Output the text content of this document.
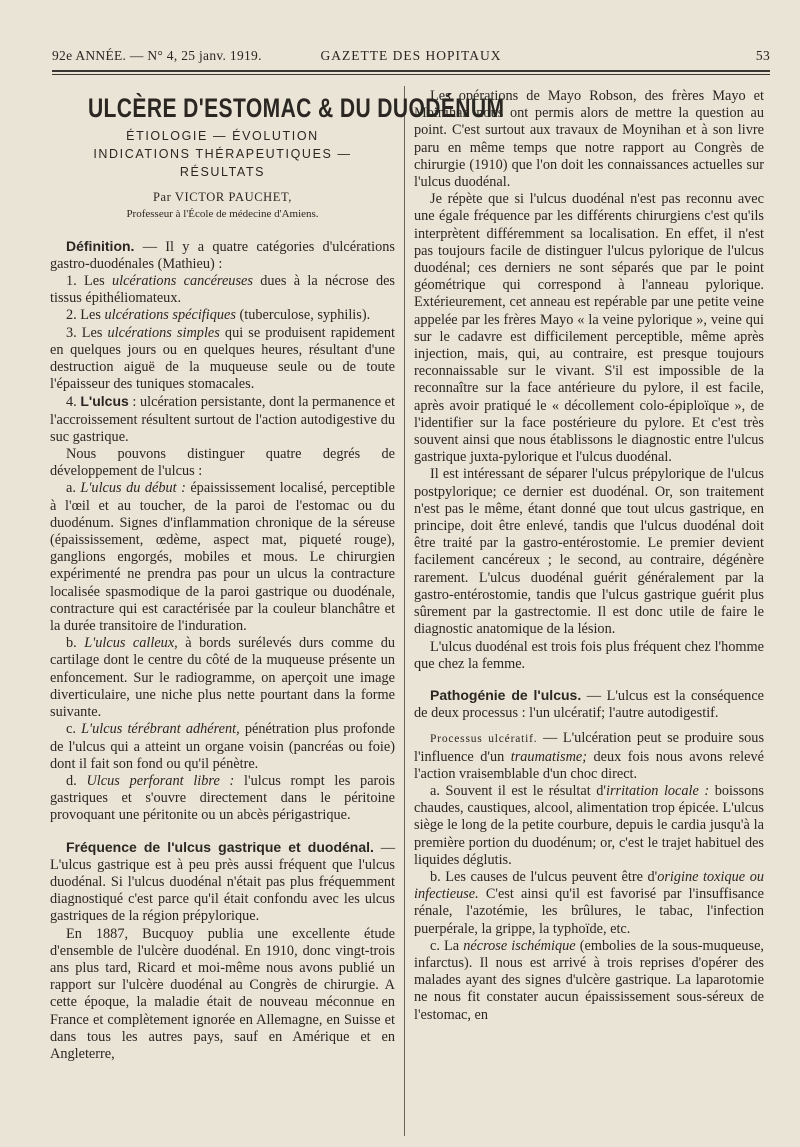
92e ANNÉE. — N° 4, 25 janv. 1919.	GAZETTE DES HOPITAUX	53
ULCÈRE D'ESTOMAC & DU DUODÉNUM
ÉTIOLOGIE — ÉVOLUTION
INDICATIONS THÉRAPEUTIQUES — RÉSULTATS
Par VICTOR PAUCHET,
Professeur à l'École de médecine d'Amiens.

Définition. — Il y a quatre catégories d'ulcérations gastro-duodénales (Mathieu) :

1. Les ulcérations cancéreuses dues à la nécrose des tissus épithéliomateux.

2. Les ulcérations spécifiques (tuberculose, syphilis).

3. Les ulcérations simples qui se produisent rapidement en quelques jours ou en quelques heures, résultant d'une destruction aiguë de la muqueuse seule ou de toute l'épaisseur des tuniques stomacales.

4. L'ulcus : ulcération persistante, dont la permanence et l'accroissement résultent surtout de l'action autodigestive du suc gastrique.

Nous pouvons distinguer quatre degrés de développement de l'ulcus :

a. L'ulcus du début : épaississement localisé, perceptible à l'œil et au toucher, de la paroi de l'estomac ou du duodénum. Signes d'inflammation chronique de la séreuse (épaississement, œdème, aspect mat, piqueté rouge), ganglions engorgés, mobiles et mous. Le chirurgien expérimenté ne prendra pas pour un ulcus la contracture localisée spasmodique de la paroi gastrique ou duodénale, contracture qui est caractérisée par la couleur blanchâtre et la durée transitoire de l'induration.

b. L'ulcus calleux, à bords surélevés durs comme du cartilage dont le centre du côté de la muqueuse présente un enfoncement. Sur le radiogramme, on aperçoit une image diverticulaire, une niche plus nette pourtant dans la forme suivante.

c. L'ulcus térébrant adhérent, pénétration plus profonde de l'ulcus qui a atteint un organe voisin (pancréas ou foie) dont il fait son fond ou qu'il pénètre.

d. Ulcus perforant libre : l'ulcus rompt les parois gastriques et s'ouvre directement dans le péritoine provoquant une péritonite ou un abcès périgastrique.

Fréquence de l'ulcus gastrique et duodénal. — L'ulcus gastrique est à peu près aussi fréquent que l'ulcus duodénal. Si l'ulcus duodénal n'était pas plus fréquemment diagnostiqué c'est parce qu'il était confondu avec les ulcus gastriques de la région prépylorique.

En 1887, Bucquoy publia une excellente étude d'ensemble de l'ulcère duodénal. En 1910, donc vingt-trois ans plus tard, Ricard et moi-même nous avons publié un rapport sur l'ulcère duodénal au Congrès de chirurgie. A cette époque, la maladie était de nouveau méconnue en France et complètement ignorée en Allemagne, en Suisse et dans tous les autres pays, sauf en Amérique et en Angleterre,

Les opérations de Mayo Robson, des frères Mayo et Moinihan nous ont permis alors de mettre la question au point. C'est surtout aux travaux de Moynihan et à son livre paru en même temps que notre rapport au Congrès de chirurgie (1910) que l'on doit les connaissances actuelles sur l'ulcus duodénal.

Je répète que si l'ulcus duodénal n'est pas reconnu avec une égale fréquence par les différents chirurgiens c'est qu'ils interprètent différemment sa localisation. En effet, il n'est pas toujours facile de distinguer l'ulcus pylorique de l'ulcus duodénal; ces derniers ne sont séparés que par le point géométrique qui correspond à l'anneau pylorique. Extérieurement, cet anneau est repérable par une petite veine appelée par les frères Mayo « la veine pylorique », veine qui sur le cadavre est difficilement perceptible, même après injection, mais, qui, au contraire, est presque toujours reconnaissable sur le vivant. S'il est impossible de la reconnaître sur la face antérieure du pylore, il est facile, après avoir pratiqué le « décollement colo-épiploïque », de l'identifier sur la face postérieure du pylore. Et c'est très souvent ainsi que nous établissons le diagnostic entre l'ulcus gastrique juxta-pylorique et l'ulcus duodénal.

Il est intéressant de séparer l'ulcus prépylorique de l'ulcus postpylorique; ce dernier est duodénal. Or, son traitement n'est pas le même, étant donné que tout ulcus gastrique, en principe, doit être enlevé, tandis que l'ulcus duodénal doit être traité par la gastro-entérostomie. Le premier devient facilement cancéreux ; le second, au contraire, dégénère rarement. L'ulcus duodénal guérit généralement par la gastro-entérostomie, tandis que l'ulcus gastrique guérit plus sûrement par la gastrectomie. Il est donc utile de faire le diagnostic anatomique de la lésion.

L'ulcus duodénal est trois fois plus fréquent chez l'homme que chez la femme.

Pathogénie de l'ulcus. — L'ulcus est la conséquence de deux processus : l'un ulcératif; l'autre autodigestif.

Processus ulcératif. — L'ulcération peut se produire sous l'influence d'un traumatisme; deux fois nous avons relevé l'action vraisemblable d'un choc direct.

a. Souvent il est le résultat d'irritation locale : boissons chaudes, caustiques, alcool, alimentation trop épicée. L'ulcus siège le long de la petite courbure, depuis le cardia jusqu'à la première portion du duodénum; or, c'est le trajet habituel des liquides déglutis.

b. Les causes de l'ulcus peuvent être d'origine toxique ou infectieuse. C'est ainsi qu'il est favorisé par l'insuffisance rénale, l'azotémie, les brûlures, le tabac, l'infection puerpérale, la grippe, la typhoïde, etc.

c. La nécrose ischémique (embolies de la sous-muqueuse, infarctus). Il nous est arrivé à trois reprises d'opérer des malades ayant des signes d'ulcère gastrique. La laparotomie ne nous fit constater aucun épaississement sous-séreux de l'estomac, en
